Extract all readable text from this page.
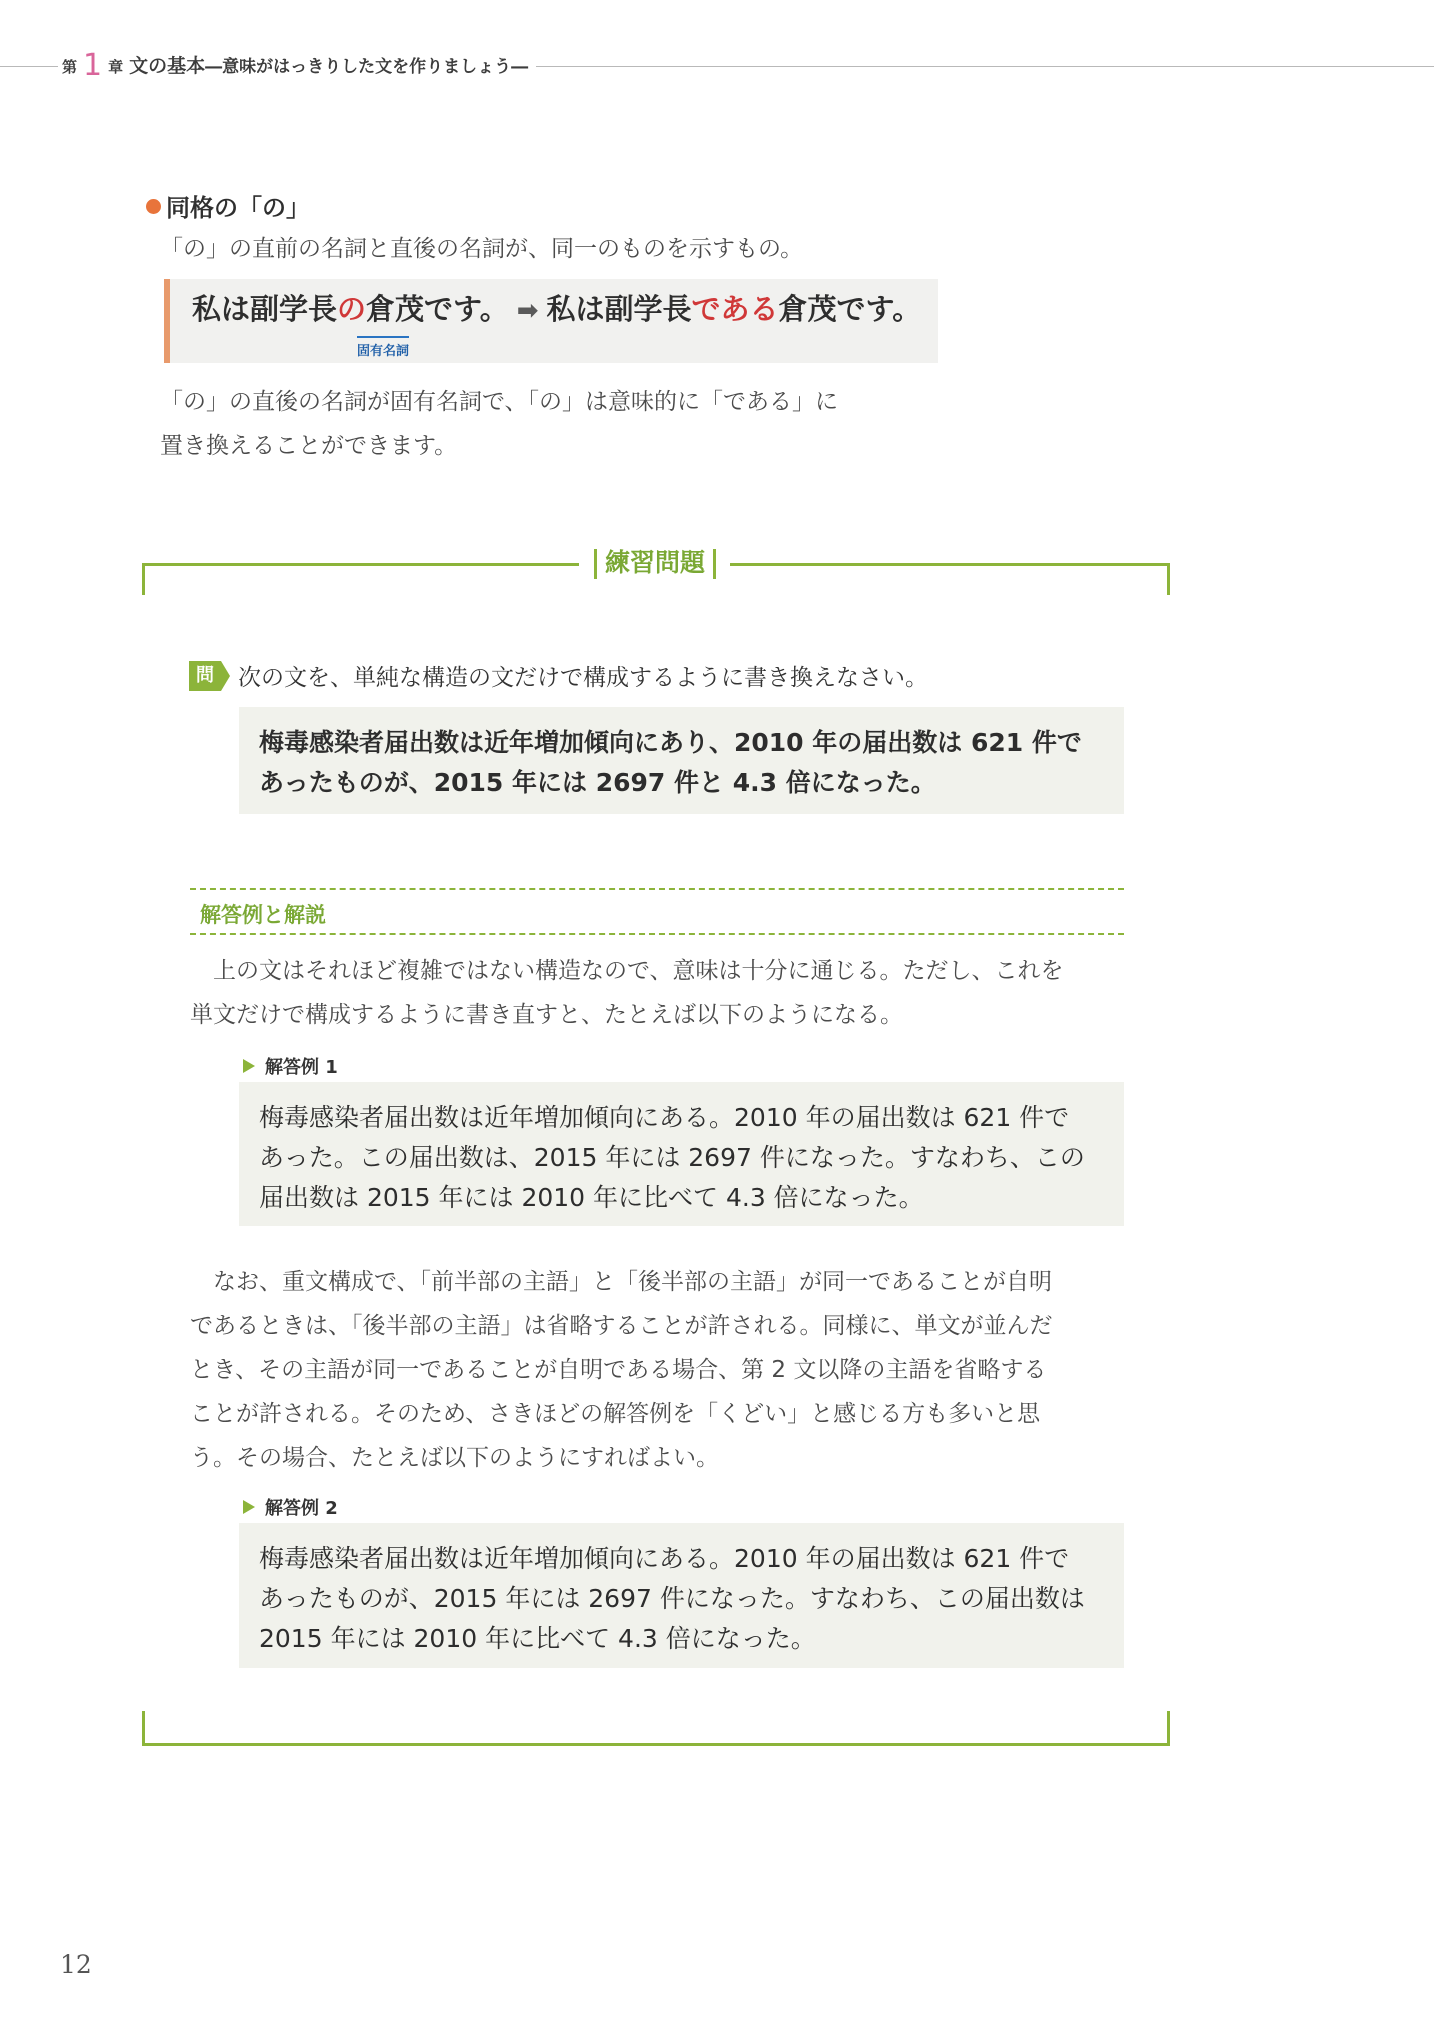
第 1 章 文の基本―意味がはっきりした文を作りましょう―
同格の「の」
「の」の直前の名詞と直後の名詞が、同一のものを示すもの。
私は副学長の倉茂です。 ➡ 私は副学長である倉茂です。
固有名詞
「の」の直後の名詞が固有名詞で、「の」は意味的に「である」に
置き換えることができます。
練習問題
問	次の文を、単純な構造の文だけで構成するように書き換えなさい。
梅毒感染者届出数は近年増加傾向にあり、2010 年の届出数は 621 件で
あったものが、2015 年には 2697 件と 4.3 倍になった。
解答例と解説
上の文はそれほど複雑ではない構造なので、意味は十分に通じる。ただし、これを
単文だけで構成するように書き直すと、たとえば以下のようになる。
解答例 1
梅毒感染者届出数は近年増加傾向にある。2010 年の届出数は 621 件で
あった。この届出数は、2015 年には 2697 件になった。すなわち、この
届出数は 2015 年には 2010 年に比べて 4.3 倍になった。
なお、重文構成で、「前半部の主語」と「後半部の主語」が同一であることが自明
であるときは、「後半部の主語」は省略することが許される。同様に、単文が並んだ
とき、その主語が同一であることが自明である場合、第 2 文以降の主語を省略する
ことが許される。そのため、さきほどの解答例を「くどい」と感じる方も多いと思
う。その場合、たとえば以下のようにすればよい。
解答例 2
梅毒感染者届出数は近年増加傾向にある。2010 年の届出数は 621 件で
あったものが、2015 年には 2697 件になった。すなわち、この届出数は
2015 年には 2010 年に比べて 4.3 倍になった。
12
